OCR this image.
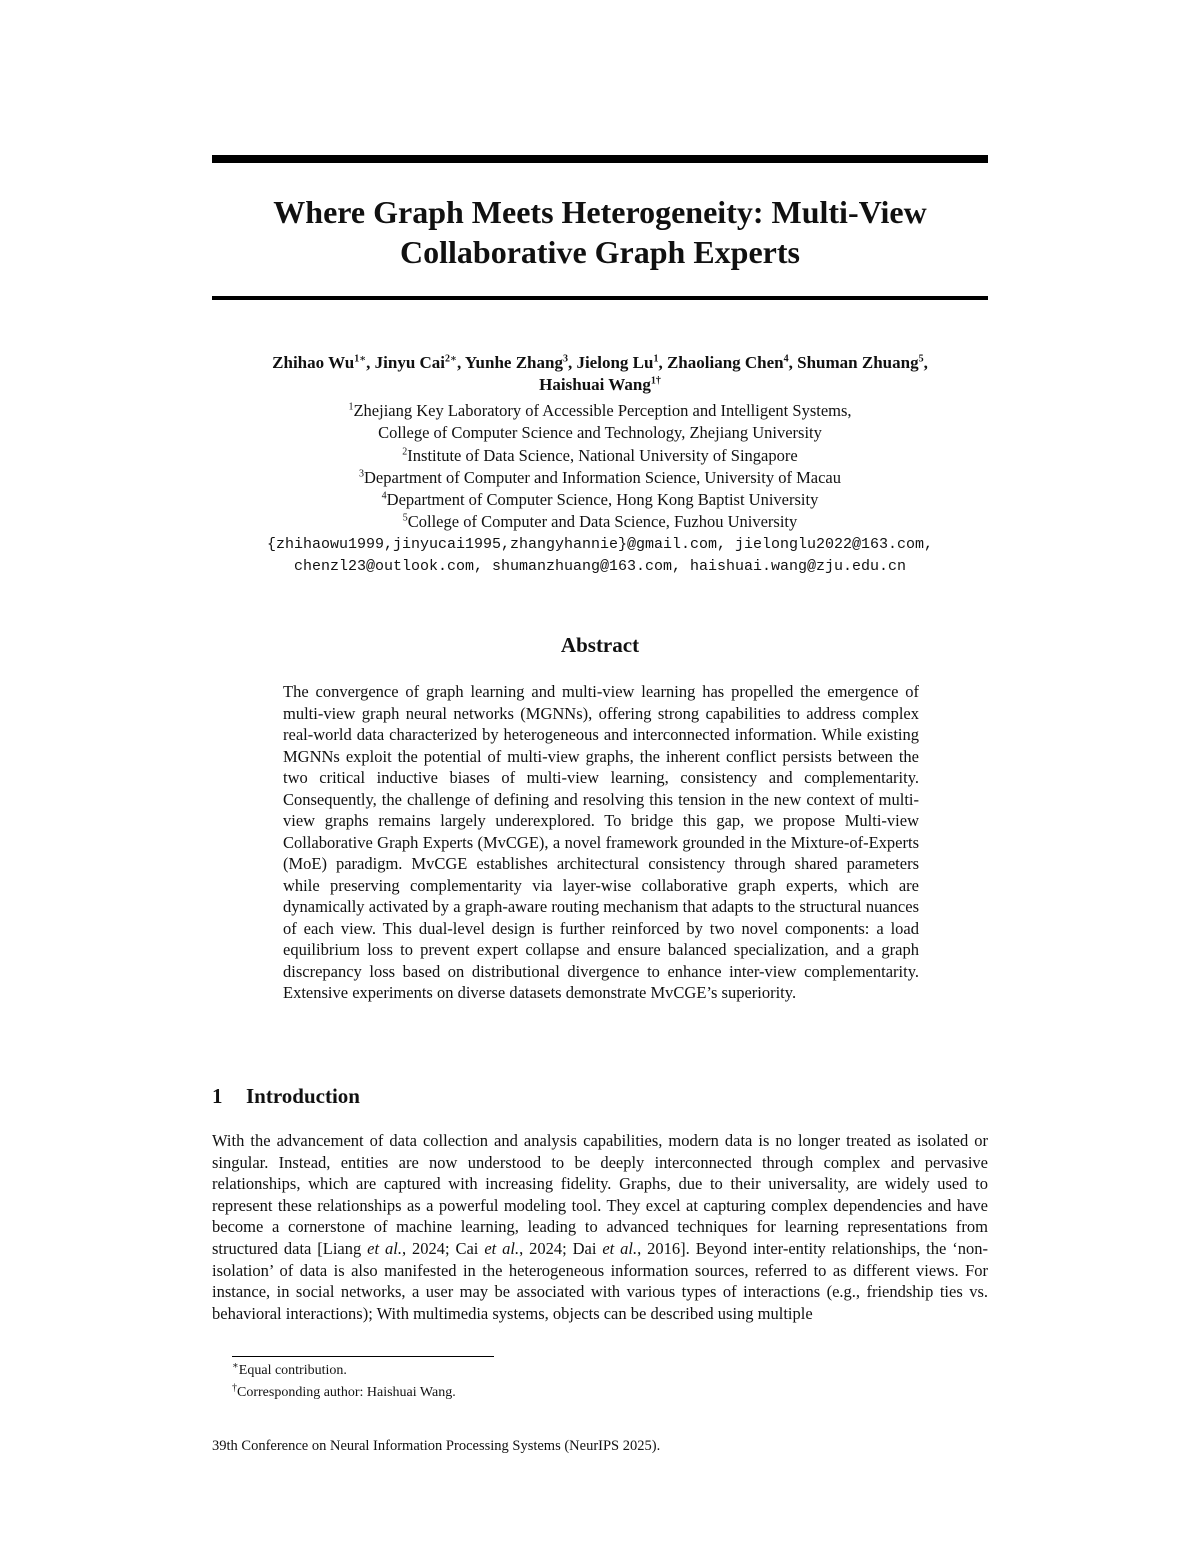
Where Graph Meets Heterogeneity: Multi-View
Collaborative Graph Experts
Zhihao $Wu^{1∗}$, Jinyu Cai$^{2∗}$, Yunhe Zhang$^3$, Jielong Lu$^1$, Zhaoliang Chen$^4$, Shuman Zhuang$^5$,
Haishuai Wang$^{1\dagger}$
$^1$Zhejiang Key Laboratory of Accessible Perception and Intelligent Systems,
College of Computer Science and Technology, Zhejiang University
$^2$Institute of Data Science, National University of Singapore
$^3$Department of Computer and Information Science, University of Macau
$^4$Department of Computer Science, Hong Kong Baptist University
$^5$College of Computer and Data Science, Fuzhou University
{zhihaowu1999,jinyucai1995,zhangyhannie}@gmail.com, jielonglu2022@163.com,
chenzl23@outlook.com, shumanzhuang@163.com, haishuai.wang@zju.edu.cn
Abstract

The convergence of graph learning and multi-view learning has propelled the emergence of multi-view graph neural networks (MGNNs), offering strong capabilities to address complex real-world data characterized by heterogeneous and interconnected information. While existing MGNNs exploit the potential of multi-view graphs, the inherent conflict persists between the two critical inductive biases of multi-view learning, consistency and complementarity. Consequently, the challenge of defining and resolving this tension in the new context of multi-view graphs remains largely underexplored. To bridge this gap, we propose Multi-view Collaborative Graph Experts (MvCGE), a novel framework grounded in the Mixture-of-Experts (MoE) paradigm. MvCGE establishes architectural consistency through shared parameters while preserving complementarity via layer-wise collaborative graph experts, which are dynamically activated by a graph-aware routing mechanism that adapts to the structural nuances of each view. This dual-level design is further reinforced by two novel components: a load equilibrium loss to prevent expert collapse and ensure balanced specialization, and a graph discrepancy loss based on distributional divergence to enhance inter-view complementarity. Extensive experiments on diverse datasets demonstrate MvCGE’s superiority.

1 Introduction

With the advancement of data collection and analysis capabilities, modern data is no longer treated as isolated or singular. Instead, entities are now understood to be deeply interconnected through complex and pervasive relationships, which are captured with increasing fidelity. Graphs, due to their universality, are widely used to represent these relationships as a powerful modeling tool. They excel at capturing complex dependencies and have become a cornerstone of machine learning, leading to advanced techniques for learning representations from structured data [Liang et al., 2024; Cai et al., 2024; Dai et al., 2016]. Beyond inter-entity relationships, the ‘non-isolation’ of data is also manifested in the heterogeneous information sources, referred to as different views. For instance, in social networks, a user may be associated with various types of interactions (e.g., friendship ties vs. behavioral interactions); With multimedia systems, objects can be described using multiple

∗Equal contribution.
†Corresponding author: Haishuai Wang.
39th Conference on Neural Information Processing Systems (NeurIPS 2025).
